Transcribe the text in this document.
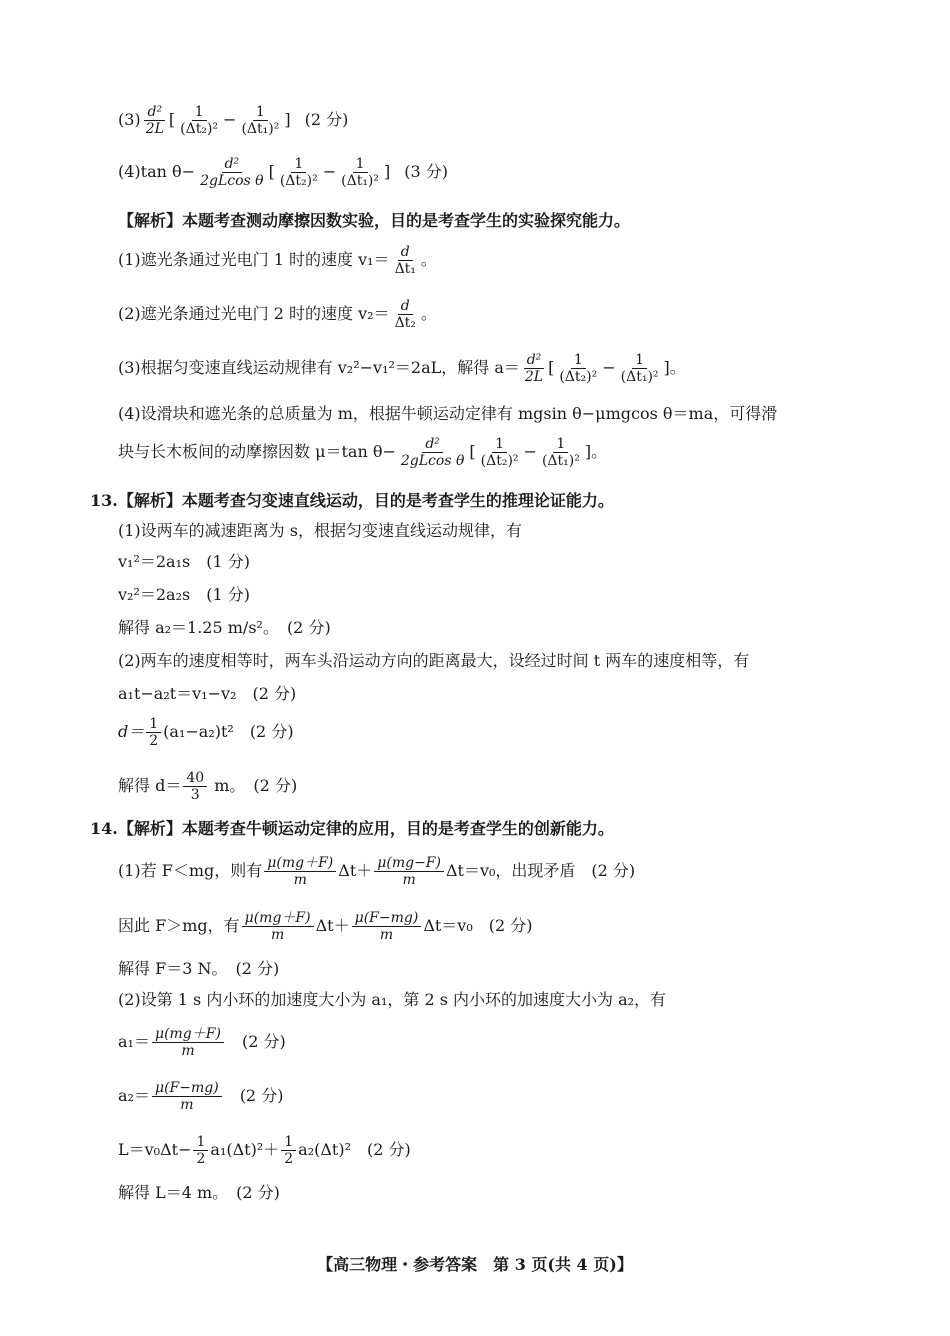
$(3) \frac{\text{d²}}{2L}$ [ $\frac{1}{\text{(Δt₂)²}} - \frac{1}{\text{(Δt₁)²}}$ ] (2 分)
(4)tan $\theta- \frac{\text{d²}}{\text{2gLcos θ}}$ [ $\frac{1}{\text{(Δt₂)²}} - \frac{1}{\text{(Δt₁)²}}$ ] (3 分)
【解析】本题考查测动摩擦因数实验，目的是考查学生的实验探究能力。
(1)遮光条通过光电门 1 时的速度 $v_1= \frac{d}{\text{Δt₁}}$ 。
(2)遮光条通过光电门 2 时的速度 $v_2= \frac{d}{\text{Δt₂}}$ 。
(3)根据匀变速直线运动规律有 v₂²−v₁²＝2aL，解得 $a= \frac{\text{d²}}{2L}$ [ $\frac{1}{\text{(Δt₂)²}} - \frac{1}{\text{(Δt₁)²}}$ ]。
(4)设滑块和遮光条的总质量为 m，根据牛顿运动定律有 mgsin θ−μmgcos θ＝ma，可得滑
块与长木板间的动摩擦因数 μ＝tan $\theta- \frac{\text{d²}}{\text{2gLcos θ}}$ [ $\frac{1}{\text{(Δt₂)²}} - \frac{1}{\text{(Δt₁)²}}$ ]。
13.【解析】本题考查匀变速直线运动，目的是考查学生的推理论证能力。
(1)设两车的减速距离为 s，根据匀变速直线运动规律，有
v₁²＝2a₁s　(1 分)
v₂²＝2a₂s　(1 分)
解得 a₂＝1.25 m/s²。　(2 分)
(2)两车的速度相等时，两车头沿运动方向的距离最大，设经过时间 t 两车的速度相等，有
a₁t−a₂t＝v₁−v₂　(2 分)
$d= \frac{1}{2} (a_1-a_2)t^2$　(2 分)
解得 $d= \frac{40}{3}$ m。　(2 分)
14.【解析】本题考查牛顿运动定律的应用，目的是考查学生的创新能力。
(1)若 F＜mg，则有 $\frac{\mu(mg+F)}{m} \Delta t+ \frac{\mu(mg-F)}{m} \Delta t=v_0$，出现矛盾　(2 分)
因此 F＞mg，有 $\frac{\mu(mg+F)}{m} \Delta t+ \frac{\mu(F-mg)}{m} \Delta t=v_0$　(2 分)
解得 F＝3 N。　(2 分)
(2)设第 1 s 内小环的加速度大小为 a₁，第 2 s 内小环的加速度大小为 a₂，有
$a_1= \frac{\mu(mg+F)}{m}$ 　(2 分)
$a_2= \frac{\mu(F-mg)}{m}$ 　(2 分)
$L=v_0\Delta t- \frac{1}{2} a_1(\Delta t)^2+ \frac{1}{2} a_2(\Delta t)^2$　(2 分)
解得 L＝4 m。　(2 分)
【高三物理・参考答案　第 3 页(共 4 页)】
